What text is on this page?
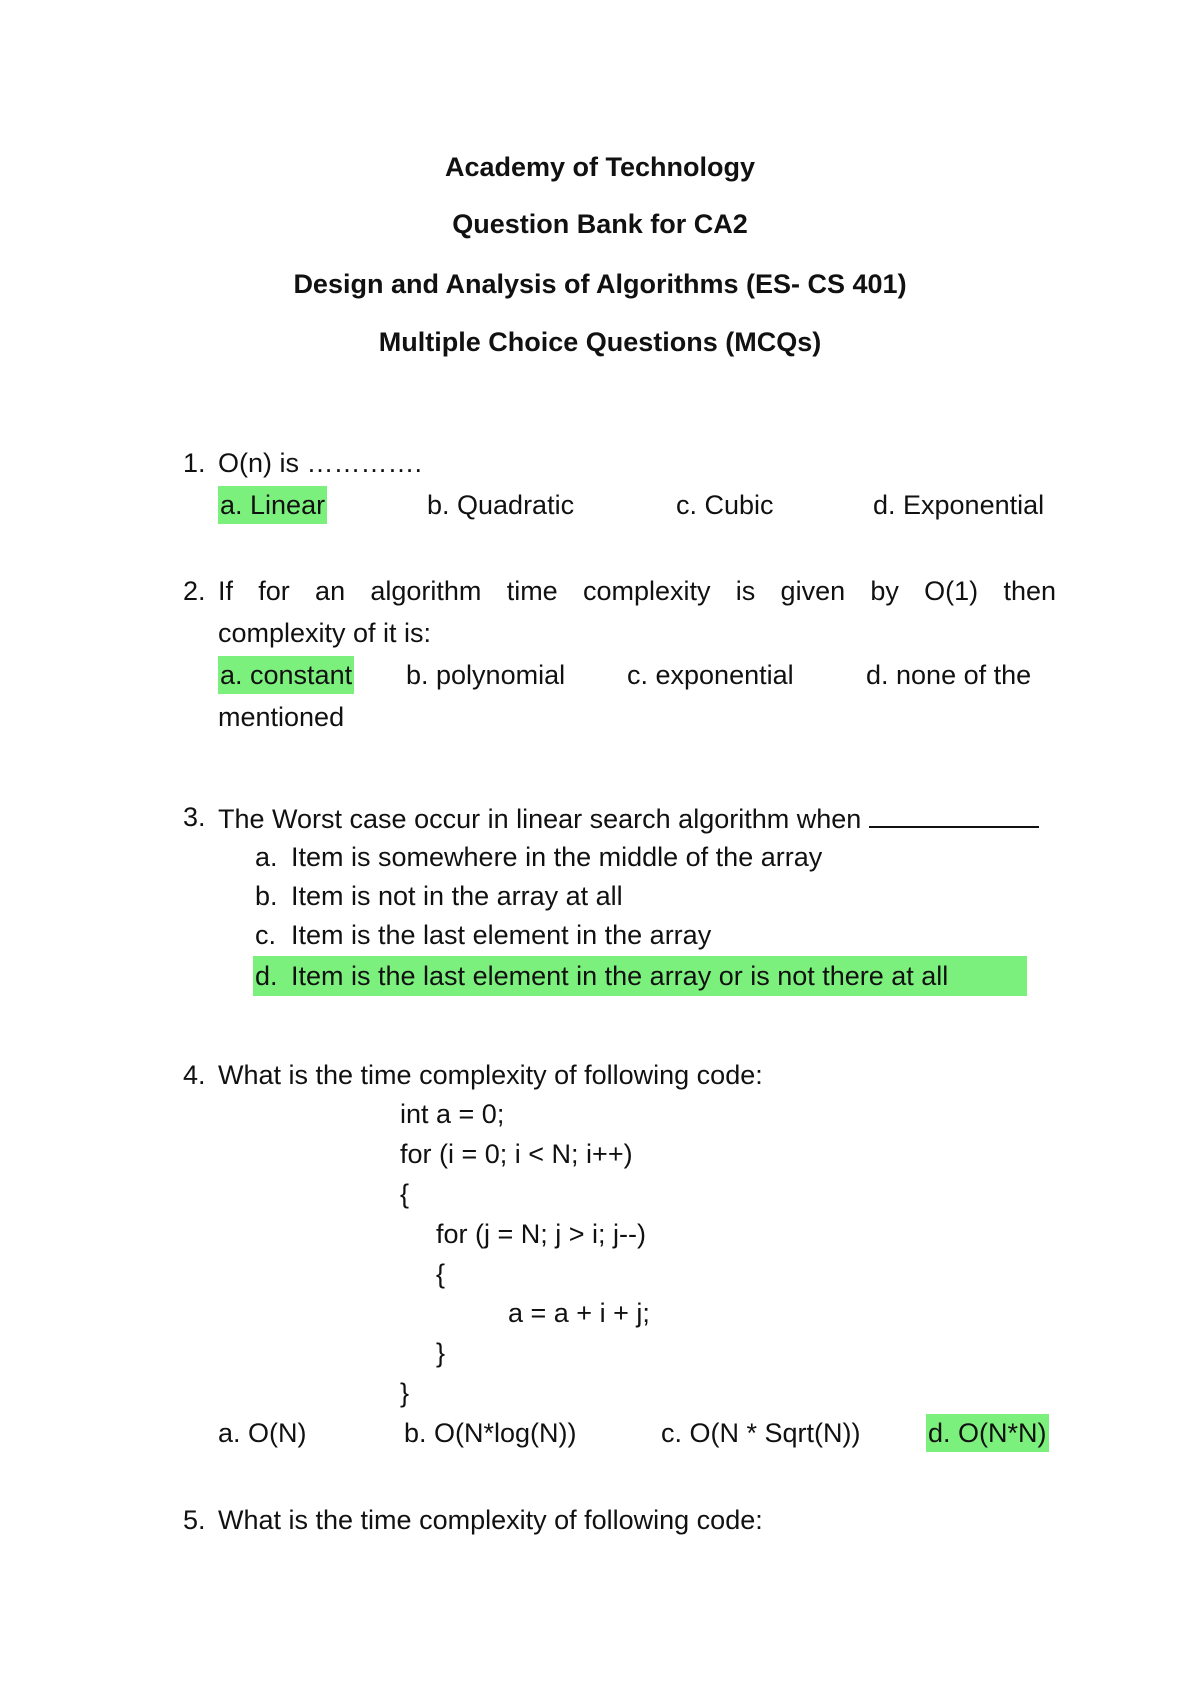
Academy of Technology
Question Bank for CA2
Design and Analysis of Algorithms (ES- CS 401)
Multiple Choice Questions (MCQs)
1. O(n) is ………….
a. Linear	b. Quadratic	c. Cubic	d. Exponential
2. If for an algorithm time complexity is given by O(1) then
complexity of it is:
a. constant b. polynomial c. exponential	d. none of the
mentioned
3. The Worst case occur in linear search algorithm when
a. Item is somewhere in the middle of the array
b. Item is not in the array at all
c. Item is the last element in the array
d. Item is the last element in the array or is not there at all
4. What is the time complexity of following code:
int a = 0;
for (i = 0; i < N; i++)
{
for (j = N; j > i; j--)
{
a = a + i + j;
}
}
a. O(N)	b. O(N*log(N))	c. O(N * Sqrt(N))	d. O(N*N)
5. What is the time complexity of following code:
